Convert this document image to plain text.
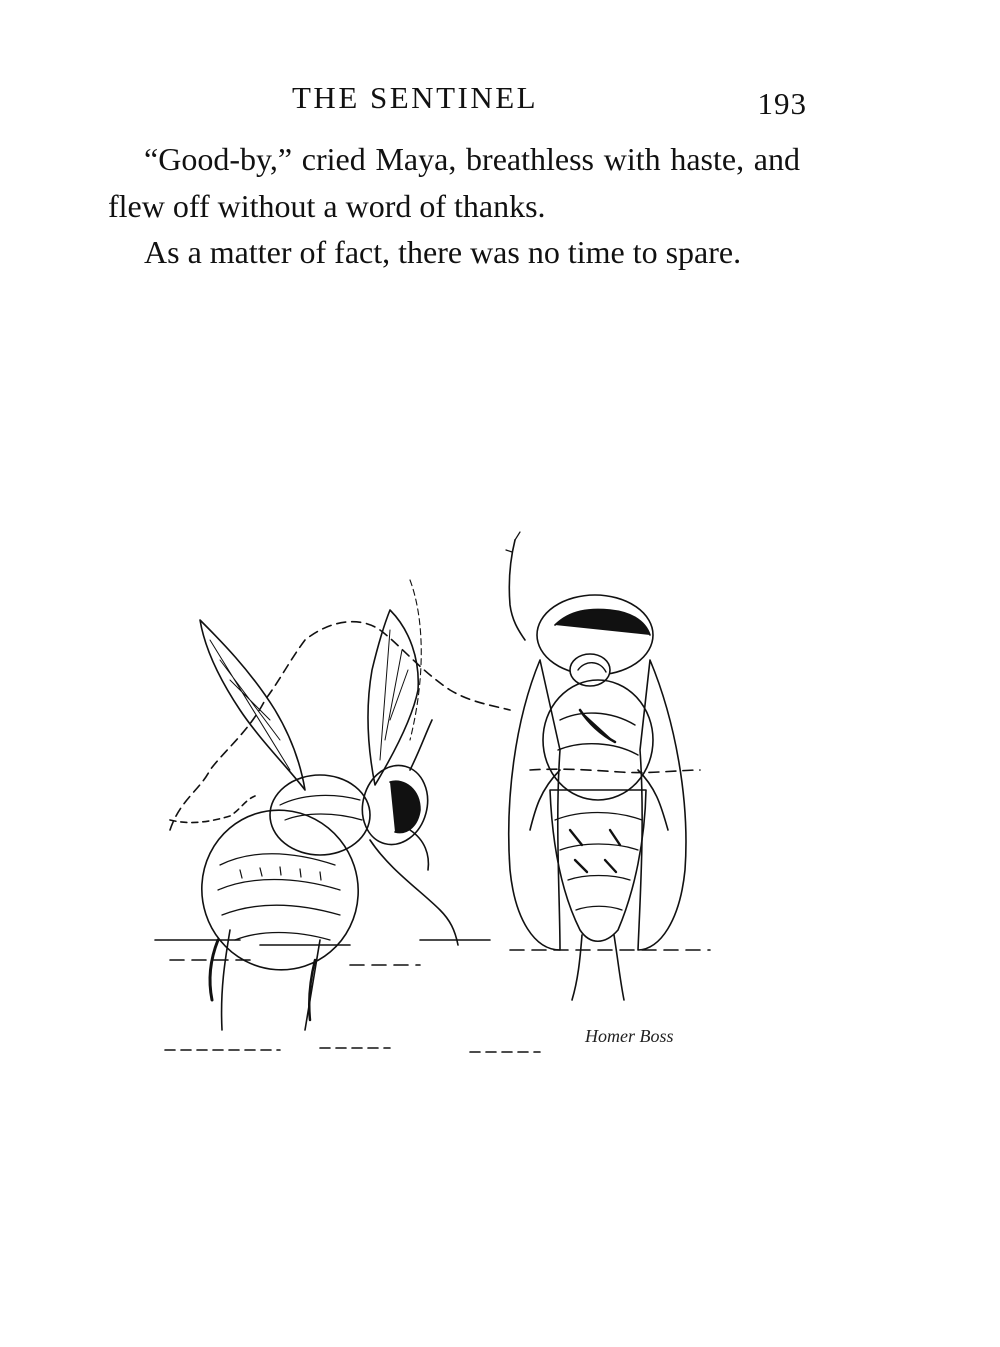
THE SENTINEL	193

“Good-by,” cried Maya, breathless with haste, and flew off without a word of thanks.

As a matter of fact, there was no time to spare.

Homer Boss
